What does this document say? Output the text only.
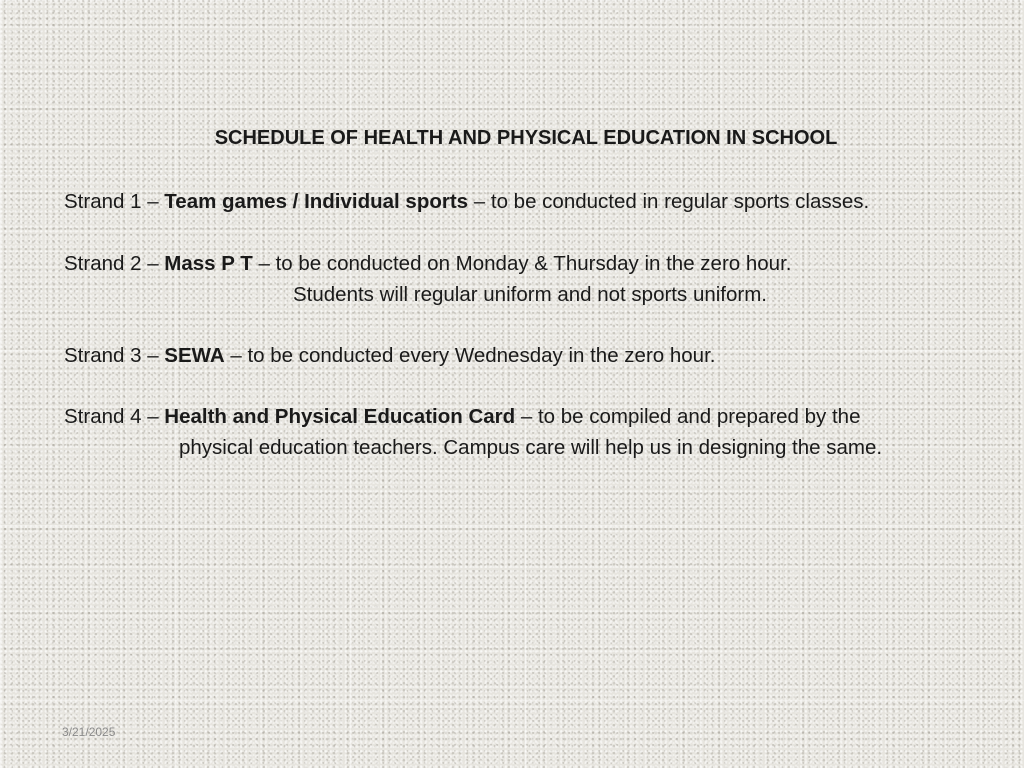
SCHEDULE OF HEALTH AND PHYSICAL EDUCATION IN SCHOOL
Strand 1 – Team games / Individual sports – to be conducted in regular sports classes.
Strand 2 – Mass P T – to be conducted on Monday & Thursday in the zero hour.
Students will regular uniform and not sports uniform.
Strand 3 – SEWA – to be conducted every Wednesday in the zero hour.
Strand 4 – Health and Physical Education Card – to be compiled and prepared by the
physical education teachers. Campus care will help us in designing the same.
3/21/2025
